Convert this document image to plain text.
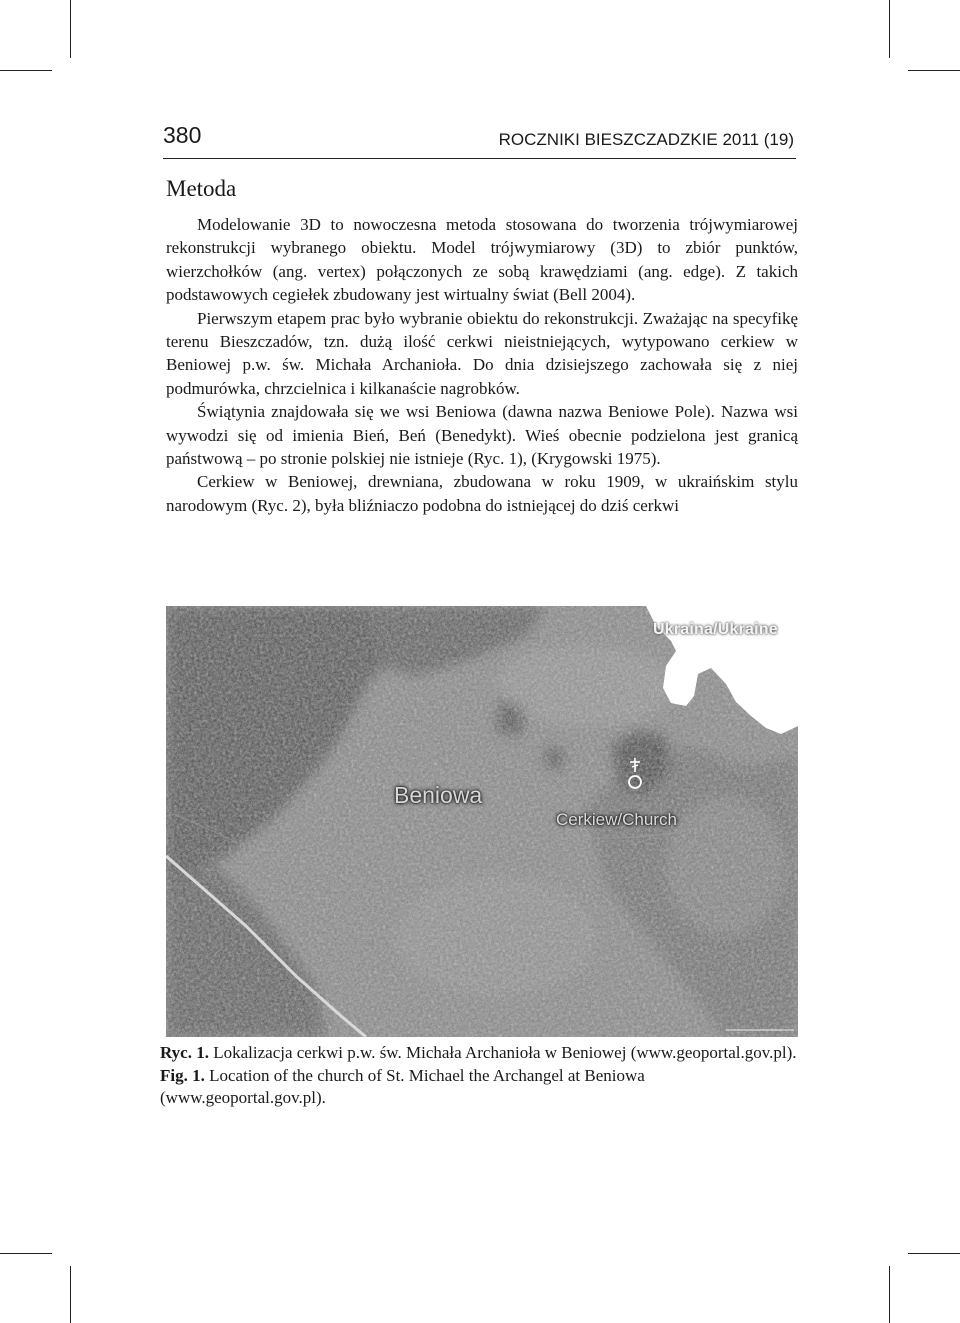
380	ROCZNIKI BIESZCZADZKIE 2011 (19)
Metoda

Modelowanie 3D to nowoczesna metoda stosowana do tworzenia trójwymiarowej rekonstrukcji wybranego obiektu. Model trójwymiarowy (3D) to zbiór punktów, wierzchołków (ang. vertex) połączonych ze sobą krawędziami (ang. edge). Z takich podstawowych cegiełek zbudowany jest wirtualny świat (Bell 2004).

Pierwszym etapem prac było wybranie obiektu do rekonstrukcji. Zważając na specyfikę terenu Bieszczadów, tzn. dużą ilość cerkwi nieistniejących, wytypowano cerkiew w Beniowej p.w. św. Michała Archanioła. Do dnia dzisiejszego zachowała się z niej podmurówka, chrzcielnica i kilkanaście nagrobków.

Świątynia znajdowała się we wsi Beniowa (dawna nazwa Beniowe Pole). Nazwa wsi wywodzi się od imienia Bień, Beń (Benedykt). Wieś obecnie podzielona jest granicą państwową – po stronie polskiej nie istnieje (Ryc. 1), (Krygowski 1975).

Cerkiew w Beniowej, drewniana, zbudowana w roku 1909, w ukraińskim stylu narodowym (Ryc. 2), była bliźniaczo podobna do istniejącej do dziś cerkwi

Ukraina/Ukraine
Beniowa
Cerkiew/Church

Ryc. 1. Lokalizacja cerkwi p.w. św. Michała Archanioła w Beniowej (www.geoportal.gov.pl).

Fig. 1. Location of the church of St. Michael the Archangel at Beniowa (www.geoportal.gov.pl).
